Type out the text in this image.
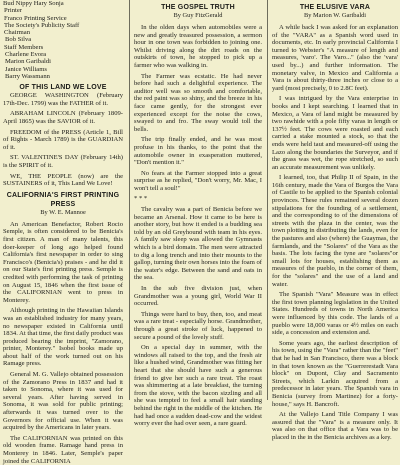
Bud Nippy Hary Sonja
Printer
Franco Printing Service
The Society's Publicity Staff
Chairman
Bob Silva
Staff Members
Charlene Evora
Marion Garibaldi
Janice Williams
Barry Wassmann
OF THIS LAND WE LOVE

GEORGE WASHINGTON (February 17th-Dec. 1799) was the FATHER of it.

ABRAHAM LINCOLN (February 1809-April 1865) was the SAVIOR of it.

FREEDOM of the PRESS (Article 1, Bill of Rights - March 1789) is the GUARDIAN of it.

ST. VALENTINE'S DAY (February 14th) is the SPIRIT of it.

WE, THE PEOPLE (now) are the SUSTAINERS of it, This Land We Love!

CALIFORNIA'S FIRST PRINTING PRESS
By W. E. Mannoe

An American Benefactor, Robert Rocio Semple, is often considered to be Benicia's first citizen. A man of many talents, this doer-keeper of long ago helped found California's first newspaper in order to sing Francisco's (Benicia's) praises - and he did it on our State's first printing press. Semple is credited with performing the task of printing on August 15, 1846 when the first issue of the CALIFORNIAN went to press in Monterey.

Although printing in the Hawaiian Islands was an established industry for many years, no newspaper existed in California until 1834. At that time, the first daily product was produced bearing the imprint, "Zamorano, printer, Monterey." Isobel books made up about half of the work turned out on his Ramage press.

General M. G. Vallejo obtained possession of the Zamorano Press in 1837 and had it taken to Sonoma, where it was used for several years. After having served in Sonoma, it was sold for public printing; afterwards it was turned over to the Governors for official use. When it was acquired by the Americans in later years.

The CALIFORNIAN was printed on this old wooden frame. Ramage hand press in Monterey in 1846. Later, Semple's paper joined the CALIFORNIA

THE GOSPEL TRUTH
By Guy FitzGerald

In the olden days when automobiles were a new and greatly treasured possession, a sermon hour in one town was forbidden to joining one. Whilst driving along the dirt roads on the outskirts of town, he stopped to pick up a farmer who was walking in.

The Farmer was ecstatic. He had never before had such a delightful experience. The auditor well was so smooth and comfortable, the red paint was so shiny, and the breeze in his face came gently, for the strongest ever experienced except for the noise the cows, swayed to and fro. The sway would toll the bells.

The trip finally ended, and he was most profuse in his thanks, to the point that the automobile owner in exasperation muttered, "Don't mention it."

No fears at the Farmer stopped into a great surprise as he replied, "Don't worry, Mr. Mac, I won't tell a soul!"

* * *

The cavalry was a part of Benicia before we became an Arsenal. How it came to be here is another story, but how it ended is a budding sea told by an old Greyhound with team in his eyes. A family saw sleep was allowed the Gymnasts which is a bird domain. The men were attracted to dig a long trench and into their mounts to the gallop, turning their own horses into the foam of the water's edge. Between the sand and oats in the sea.

In the sub five division just, when Grandmother was a young girl, World War II occurred.

Things were hard to buy, then, too, and meat was a rare treat - especially horse. Grandmother, through a great stroke of luck, happened to secure a pound of the lovely stuff.

On a special day in summer, with the windows all raised to the top, and the fresh air like a hushed wind, Grandmother was fitting her heart that she should have such a generous friend to give her such a rare treat. The roast was shimmering at a late breakfast, the turning from the stove, with the bacon sizzling and all she was tempted to feel a small hair standing behind the right in the middle of the kitchen. He had had once a sudden dead-cow and the widest worry ever the had over seen, a rare guard.

THE ELUSIVE VARA
By Marion W. Garibaldi

A while back I was asked for an explanation of the "VARA" as a Spanish word used in documents, etc. In early provincial California I turned to Webster's "A measure of length and measures, 'varo'. The Varo..." (also the 'vara' used by...) and further information. The monetary valve, in Mexico and California a Vara is about thirty-three inches or close to a yard (most precisely, 0 to 2.8C feet).

I was intrigued by the Vara enterprise in books and I kept searching. I learned that in Mexico, a Vara of land might be measured by two rawhide with a pole fifty varas in length or 137½ feet. The cows were roasted and each carried a stake mounted a stock, so that the ends were held taut and measured-off using the Lazo along the boundaries the Surveyor, and if the grass was wet, the rope stretched, so such an accurate measurement was unlikely.

I learned, too, that Philip II of Spain, in the 16th century, made the Vara of Burgos the Vara of Castile to be applied to the Spanish colonial provinces. These rules remained several dozen stipulations for the founding of a settlement, and the corresponding to of the dimensions of streets with the plaza in the center, was the town plotting in distributing the lands, even for the pastures and also (where) the Guaymas, the farmlands, and the "Solares" of the Vara as the basis. The lots facing the tyne are "solares"or small lots for houses, establishing them as measures of the pueblo, in the corner of them, for the "solares" and the use of a land and water.

The Spanish "Vara" Measure was in effect the first town planning legislation in the United States. Hundreds of towns in North America were influenced by this code. The lands of a pueblo were 18,000 varas or 4½ miles on each side, a concession and extension and.

Some years ago, the earliest description of his town, using the "Vara" rather than the "feet" that he had in San Francisco, there was a block in that town known as the "Guerrerestadt Vara block" on Dupont, Clay and Sacramento Streets, which Larkin acquired from a predecessor in later years. The Spanish vara in Benicia (survey from Martinez) for a forty-house," says H. Bancroft.

At the Vallejo Land Title Company I was assured that the "Vara" is a measure only. It was also on that office that a Vara was to be placed in the in the Benicia archives as a key.
